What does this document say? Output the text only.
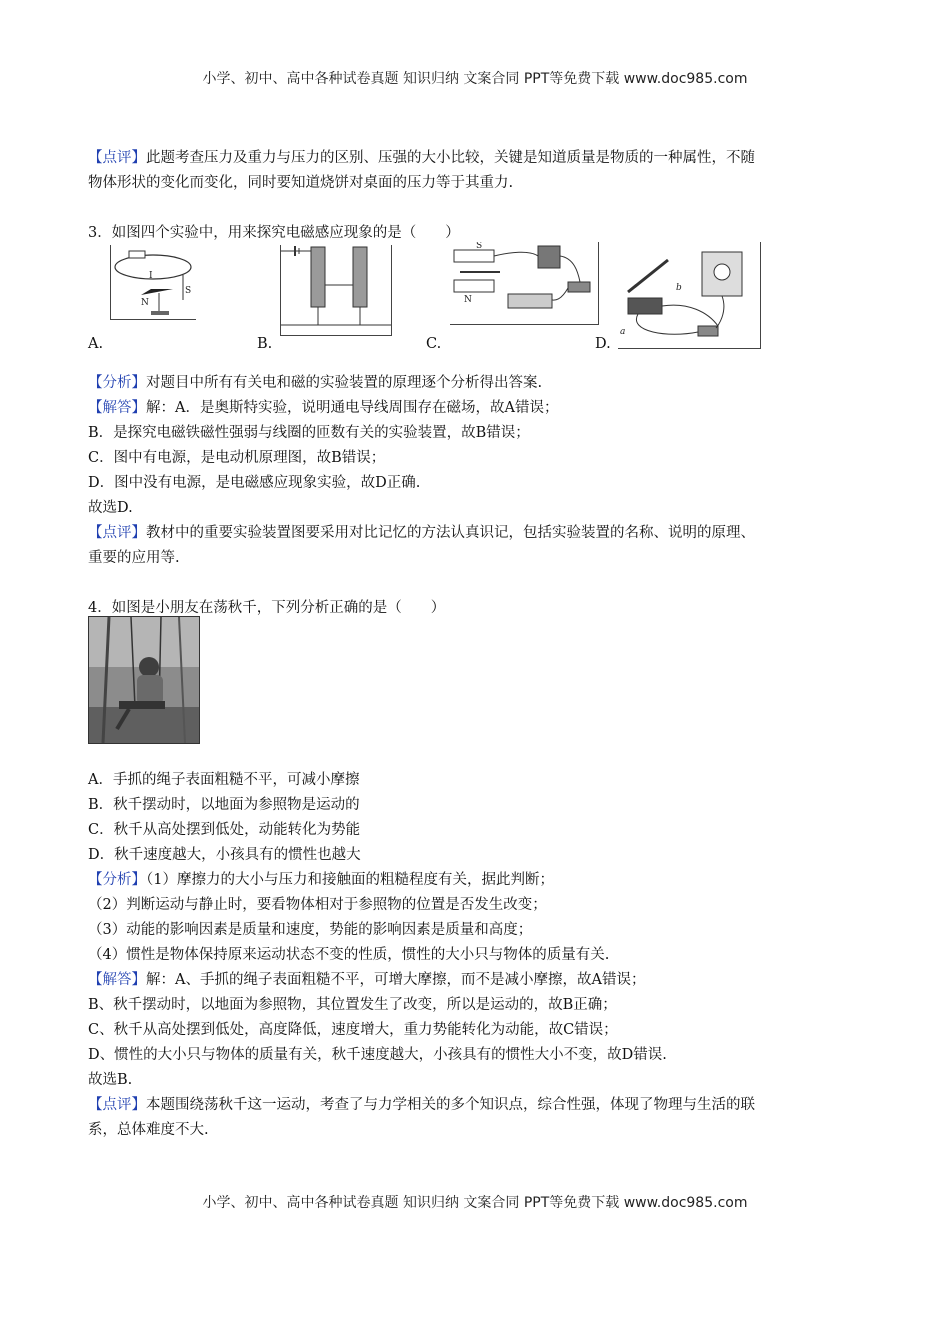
小学、初中、高中各种试卷真题 知识归纳 文案合同 PPT等免费下载 www.doc985.com
【点评】此题考查压力及重力与压力的区别、压强的大小比较，关键是知道质量是物质的一种属性，不随
物体形状的变化而变化，同时要知道烧饼对桌面的压力等于其重力.
3．如图四个实验中，用来探究电磁感应现象的是（　　）
I
N
S
S
N
b
a
A.	B.	C.	D.
【分析】对题目中所有有关电和磁的实验装置的原理逐个分析得出答案.
【解答】解：A．是奥斯特实验，说明通电导线周围存在磁场，故A错误；
B．是探究电磁铁磁性强弱与线圈的匝数有关的实验装置，故B错误；
C．图中有电源，是电动机原理图，故B错误；
D．图中没有电源，是电磁感应现象实验，故D正确.
故选D.
【点评】教材中的重要实验装置图要采用对比记忆的方法认真识记，包括实验装置的名称、说明的原理、
重要的应用等.
4．如图是小朋友在荡秋千，下列分析正确的是（　　）
A．手抓的绳子表面粗糙不平，可减小摩擦
B．秋千摆动时，以地面为参照物是运动的
C．秋千从高处摆到低处，动能转化为势能
D．秋千速度越大，小孩具有的惯性也越大
【分析】（1）摩擦力的大小与压力和接触面的粗糙程度有关，据此判断；
（2）判断运动与静止时，要看物体相对于参照物的位置是否发生改变；
（3）动能的影响因素是质量和速度，势能的影响因素是质量和高度；
（4）惯性是物体保持原来运动状态不变的性质，惯性的大小只与物体的质量有关.
【解答】解：A、手抓的绳子表面粗糙不平，可增大摩擦，而不是减小摩擦，故A错误；
B、秋千摆动时，以地面为参照物，其位置发生了改变，所以是运动的，故B正确；
C、秋千从高处摆到低处，高度降低，速度增大，重力势能转化为动能，故C错误；
D、惯性的大小只与物体的质量有关，秋千速度越大，小孩具有的惯性大小不变，故D错误.
故选B.
【点评】本题围绕荡秋千这一运动，考查了与力学相关的多个知识点，综合性强，体现了物理与生活的联
系，总体难度不大.
小学、初中、高中各种试卷真题 知识归纳 文案合同 PPT等免费下载 www.doc985.com
